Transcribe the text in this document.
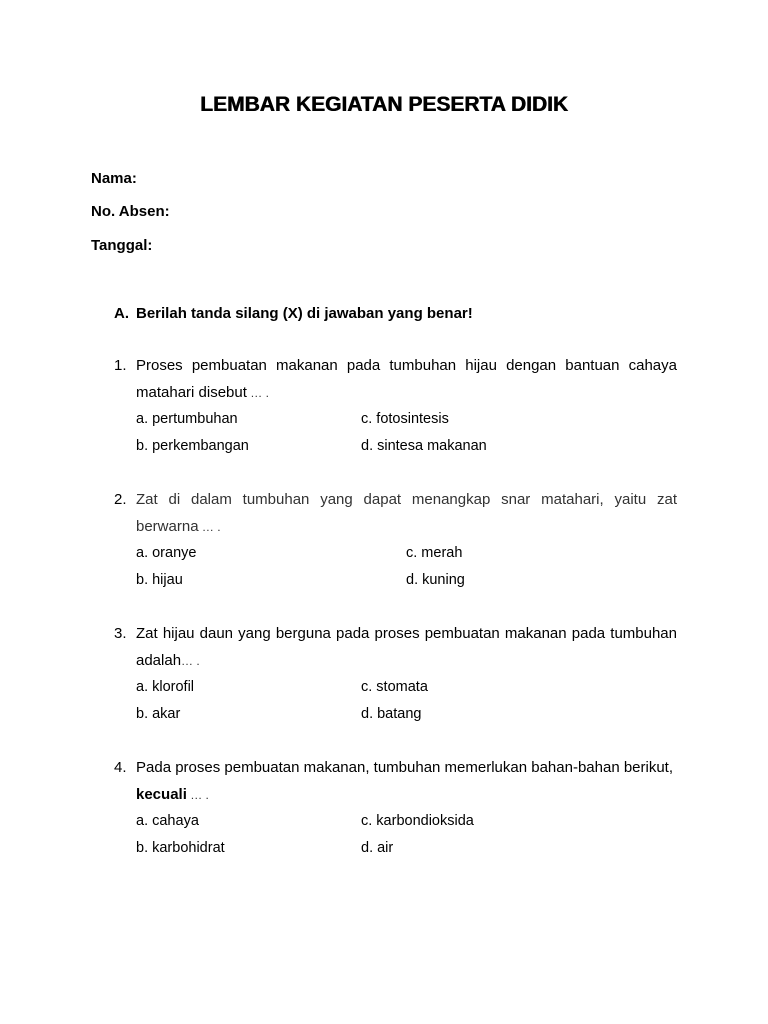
LEMBAR KEGIATAN PESERTA DIDIK
Nama:
No. Absen:
Tanggal:
A. Berilah tanda silang (X) di jawaban yang benar!
1. Proses pembuatan makanan pada tumbuhan hijau dengan bantuan cahaya
matahari disebut … .
a. pertumbuhan
b. perkembangan
c. fotosintesis
d. sintesa makanan
2. Zat di dalam tumbuhan yang dapat menangkap snar matahari, yaitu zat
berwarna … .
a. oranye
b. hijau
c. merah
d. kuning
3. Zat hijau daun yang berguna pada proses pembuatan makanan pada tumbuhan
adalah… .
a. klorofil
b. akar
c. stomata
d. batang
4. Pada proses pembuatan makanan, tumbuhan memerlukan bahan-bahan berikut,
kecuali … .
a. cahaya
b. karbohidrat
c. karbondioksida
d. air
